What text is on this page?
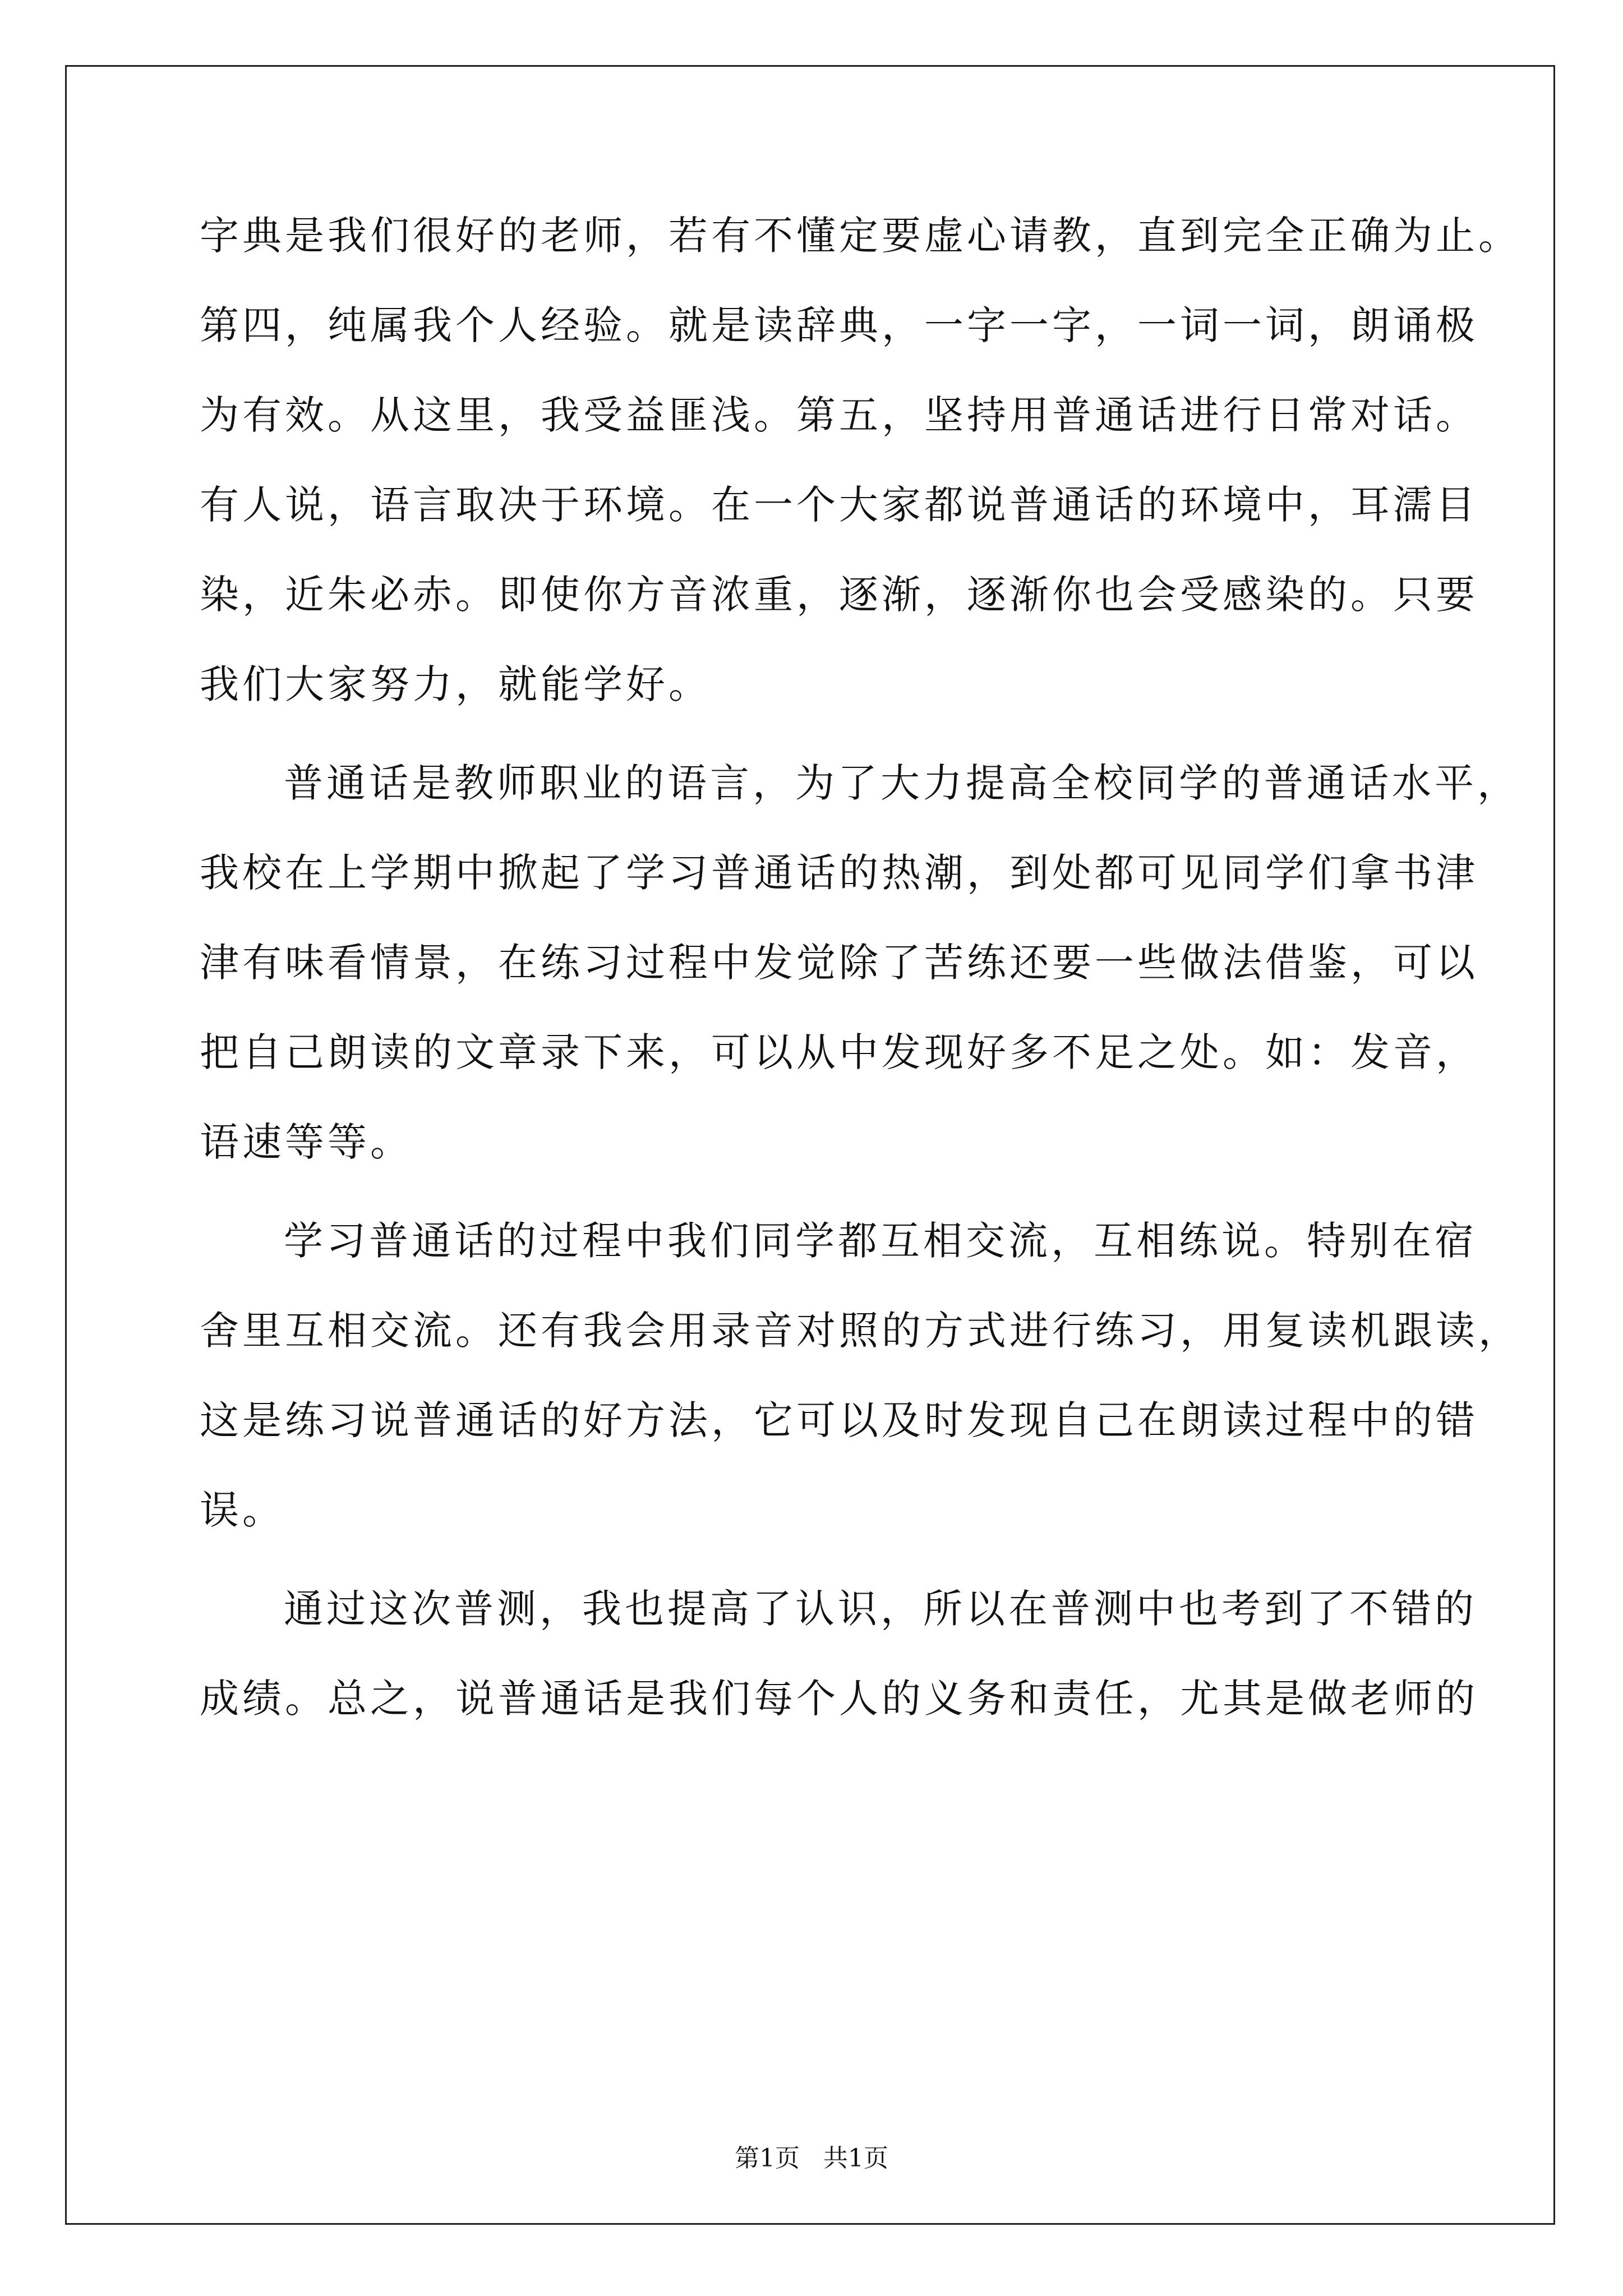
字典是我们很好的老师，若有不懂定要虚心请教，直到完全正确为止。
第四，纯属我个人经验。就是读辞典，一字一字，一词一词，朗诵极
为有效。从这里，我受益匪浅。第五，坚持用普通话进行日常对话。
有人说，语言取决于环境。在一个大家都说普通话的环境中，耳濡目
染，近朱必赤。即使你方音浓重，逐渐，逐渐你也会受感染的。只要
我们大家努力，就能学好。
普通话是教师职业的语言，为了大力提高全校同学的普通话水平，
我校在上学期中掀起了学习普通话的热潮，到处都可见同学们拿书津
津有味看情景，在练习过程中发觉除了苦练还要一些做法借鉴，可以
把自己朗读的文章录下来，可以从中发现好多不足之处。如：发音，
语速等等。
学习普通话的过程中我们同学都互相交流，互相练说。特别在宿
舍里互相交流。还有我会用录音对照的方式进行练习，用复读机跟读，
这是练习说普通话的好方法，它可以及时发现自己在朗读过程中的错
误。
通过这次普测，我也提高了认识，所以在普测中也考到了不错的
成绩。总之，说普通话是我们每个人的义务和责任，尤其是做老师的
第1页 共1页
